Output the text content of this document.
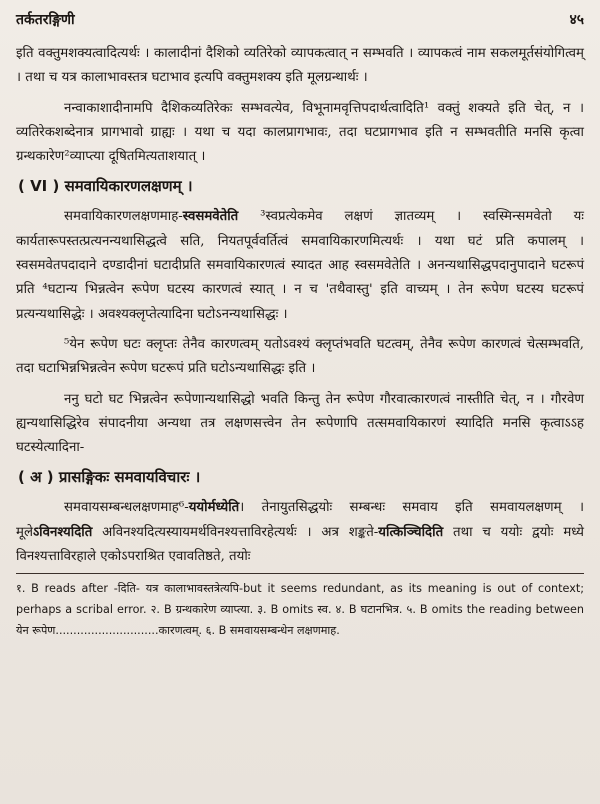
तर्कतरङ्गिणी	४५

इति वक्तुमशक्यत्वादित्यर्थः । कालादीनां दैशिको व्यतिरेको व्यापकत्वात् न सम्भवति । व्यापकत्वं नाम सकलमूर्तसंयोगित्वम् । तथा च यत्र कालाभावस्तत्र घटाभाव इत्यपि वक्तुमशक्य इति मूलग्रन्थार्थः ।

नन्वाकाशादीनामपि दैशिकव्यतिरेकः सम्भवत्येव, विभूनामवृत्तिपदार्थत्वादिति¹ वक्तुं शक्यते इति चेत्, न । व्यतिरेकशब्देनात्र प्रागभावो ग्राह्यः । यथा च यदा कालप्रागभावः, तदा घटप्रागभाव इति न सम्भवतीति मनसि कृत्वा ग्रन्थकारेण²व्याप्त्या दूषितमित्यताशयात् ।

( VI ) समवायिकारणलक्षणम् ।

समवायिकारणलक्षणमाह-स्वसमवेतेति ³स्वप्रत्येकमेव लक्षणं ज्ञातव्यम् । स्वस्मिन्समवेतो यः कार्यतारूपस्तत्प्रत्यनन्यथासिद्धत्वे सति, नियतपूर्ववर्तित्वं समवायिकारणमित्यर्थः । यथा घटं प्रति कपालम् । स्वसमवेतपदादाने दण्डादीनां घटादीप्रति समवायिकारणत्वं स्यादत आह स्वसमवेतेति । अनन्यथासिद्धपदानुपादाने घटरूपं प्रति ⁴घटान्य भिन्नत्वेन रूपेण घटस्य कारणत्वं स्यात् । न च 'तथैवास्तु' इति वाच्यम् । तेन रूपेण घटस्य घटरूपं प्रत्यन्यथासिद्धेः । अवश्यक्लृप्तेत्यादिना घटोऽनन्यथासिद्धः ।

⁵येन रूपेण घटः क्लृप्तः तेनैव कारणत्वम् यतोऽवश्यं क्लृप्तंभवति घटत्वम्, तेनैव रूपेण कारणत्वं चेत्सम्भवति, तदा घटाभिन्नभिन्नत्वेन रूपेण घटरूपं प्रति घटोऽन्यथासिद्धः इति ।

ननु घटो घट भिन्नत्वेन रूपेणान्यथासिद्धो भवति किन्तु तेन रूपेण गौरवात्कारणत्वं नास्तीति चेत्, न । गौरवेण ह्यन्यथासिद्धिरेव संपादनीया अन्यथा तत्र लक्षणसत्त्वेन तेन रूपेणापि तत्समवायिकारणं स्यादिति मनसि कृत्वाऽऽह घटस्येत्यादिना-

( अ ) प्रासङ्गिकः समवायविचारः ।

समवायसम्बन्धलक्षणमाह⁶-ययोर्मध्येति। तेनायुतसिद्धयोः सम्बन्धः समवाय इति समवायलक्षणम् । मूलेऽविनश्यदिति अविनश्यदित्यस्यायमर्थविनश्यत्ताविरहेत्यर्थः । अत्र शङ्कते-यत्किञ्चिदिति तथा च ययोः द्वयोः मध्ये विनश्यत्ताविरहाले एकोऽपराश्रित एवावतिष्ठते, तयोः

१. B reads after -दिति- यत्र कालाभावस्तत्रेत्यपि-but it seems redundant, as its meaning is out of context; perhaps a scribal error. २. B ग्रन्थकारेण व्याप्त्या. ३. B omits स्व. ४. B घटानभित्र. ५. B omits the reading between येन रूपेण.............................कारणत्वम्. ६. B समवायसम्बन्धेन लक्षणमाह.
